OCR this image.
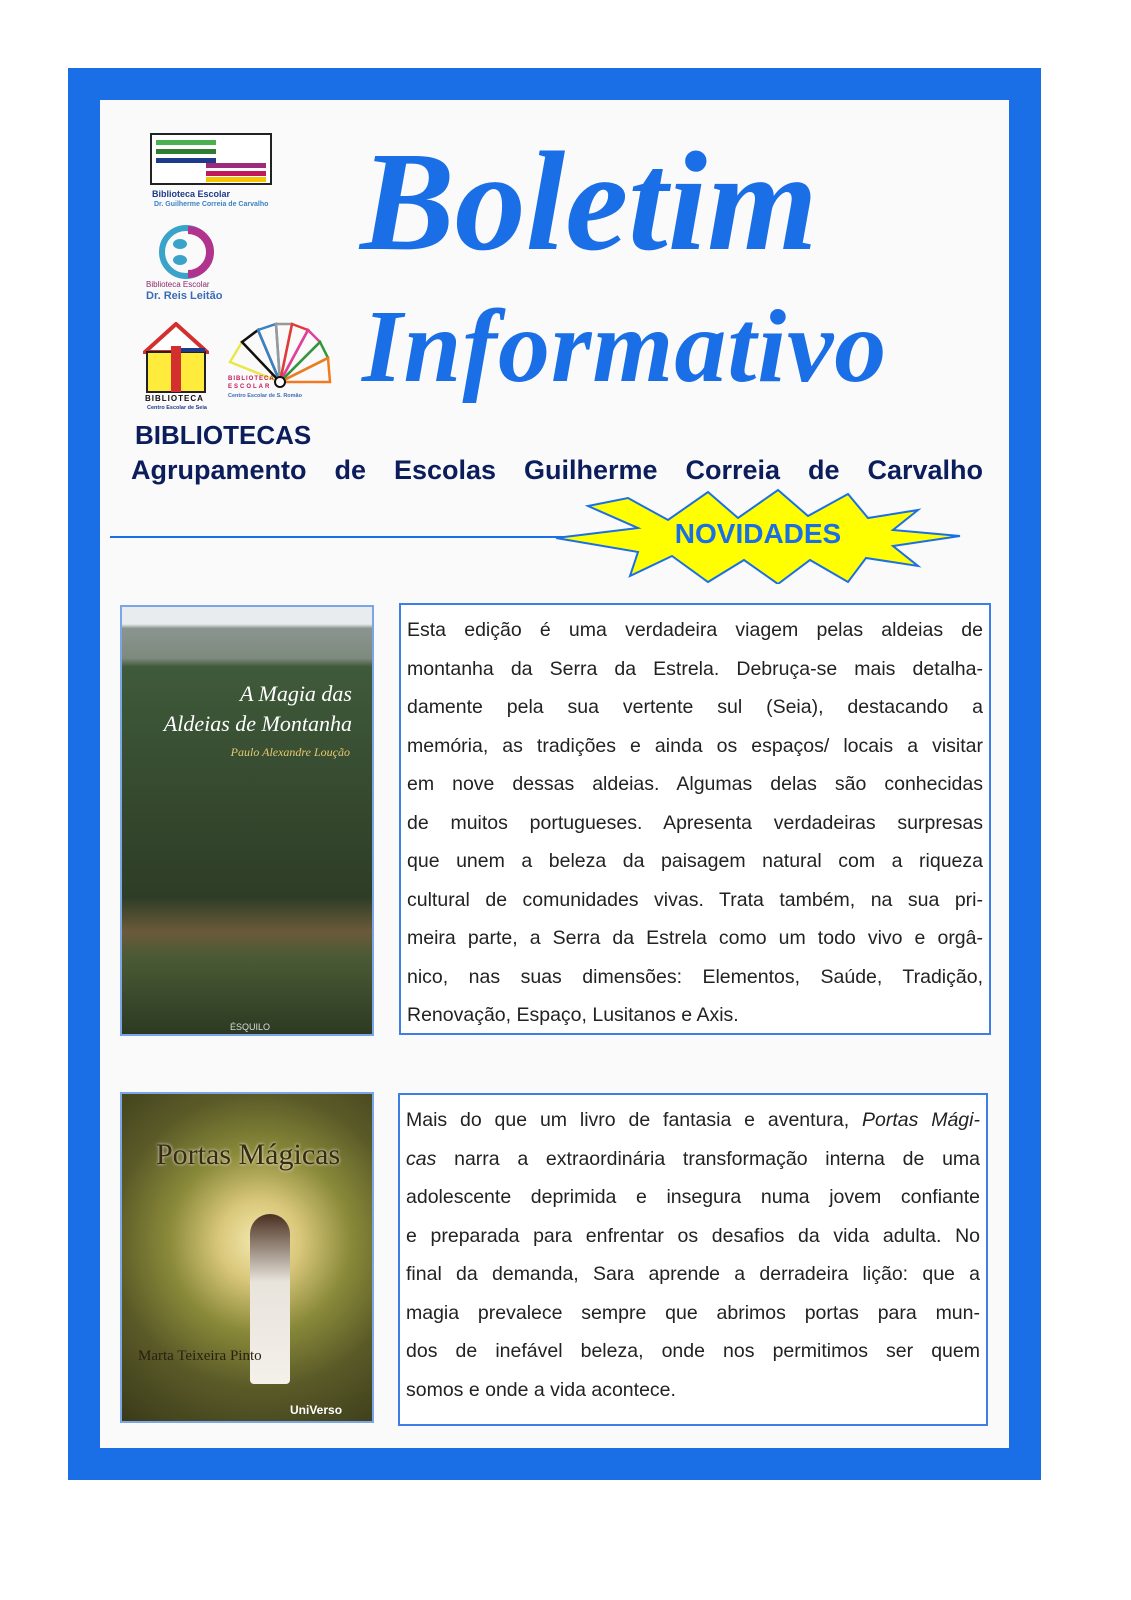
Biblioteca Escolar
Dr. Guilherme Correia de Carvalho
Biblioteca Escolar
Dr. Reis Leitão
BIBLIOTECA
Centro Escolar de Seia
BIBLIOTECA
ESCOLAR
Centro Escolar de S. Romão
Boletim
Informativo
BIBLIOTECAS
Agrupamento de Escolas Guilherme Correia de Carvalho
NOVIDADES
A Magia das
Aldeias de Montanha
Paulo Alexandre Loução
ÉSQUILO
Esta edição é uma verdadeira viagem pelas aldeias de
montanha da Serra da Estrela. Debruça-se mais detalha-
damente pela sua vertente sul (Seia), destacando a
memória, as tradições e ainda os espaços/ locais a visitar
em nove dessas aldeias. Algumas delas são conhecidas
de muitos portugueses. Apresenta verdadeiras surpresas
que unem a beleza da paisagem natural com a riqueza
cultural de comunidades vivas. Trata também, na sua pri-
meira parte, a Serra da Estrela como um todo vivo e orgâ-
nico, nas suas dimensões: Elementos, Saúde, Tradição,
Renovação, Espaço, Lusitanos e Axis.
Portas Mágicas
Marta Teixeira Pinto
UniVerso
Mais do que um livro de fantasia e aventura, Portas Mági-
cas narra a extraordinária transformação interna de uma
adolescente deprimida e insegura numa jovem confiante
e preparada para enfrentar os desafios da vida adulta. No
final da demanda, Sara aprende a derradeira lição: que a
magia prevalece sempre que abrimos portas para mun-
dos de inefável beleza, onde nos permitimos ser quem
somos e onde a vida acontece.
